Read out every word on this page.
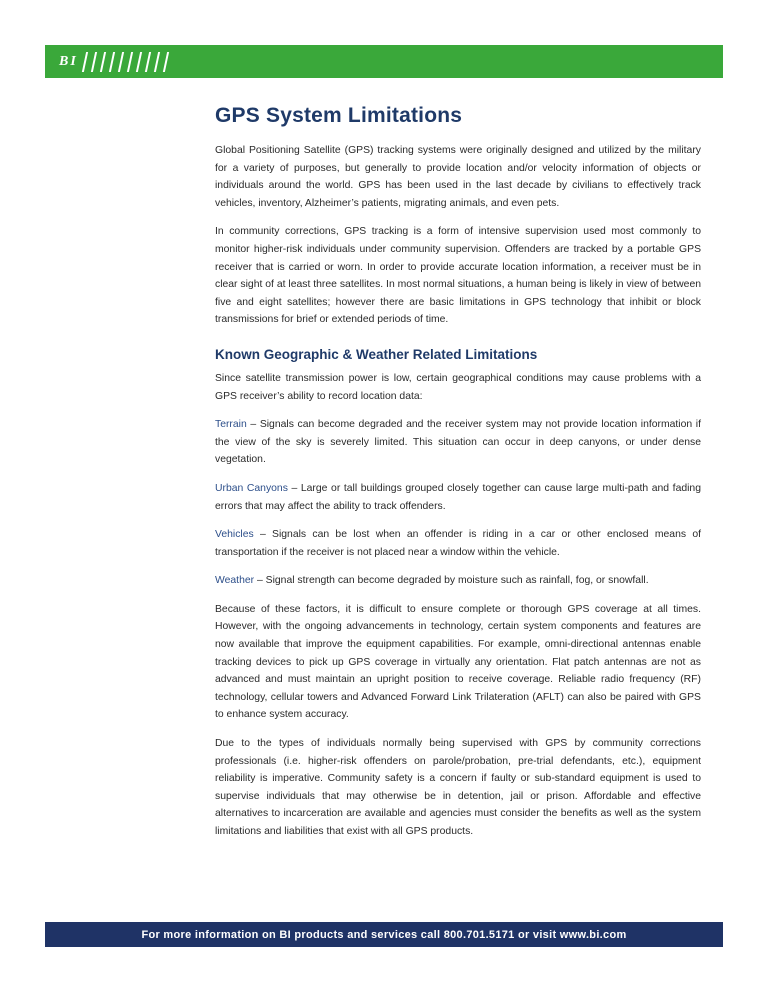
BI
GPS System Limitations

Global Positioning Satellite (GPS) tracking systems were originally designed and utilized by the military for a variety of purposes, but generally to provide location and/or velocity information of objects or individuals around the world. GPS has been used in the last decade by civilians to effectively track vehicles, inventory, Alzheimer’s patients, migrating animals, and even pets.

In community corrections, GPS tracking is a form of intensive supervision used most commonly to monitor higher-risk individuals under community supervision. Offenders are tracked by a portable GPS receiver that is carried or worn. In order to provide accurate location information, a receiver must be in clear sight of at least three satellites. In most normal situations, a human being is likely in view of between five and eight satellites; however there are basic limitations in GPS technology that inhibit or block transmissions for brief or extended periods of time.

Known Geographic & Weather Related Limitations

Since satellite transmission power is low, certain geographical conditions may cause problems with a GPS receiver’s ability to record location data:

Terrain – Signals can become degraded and the receiver system may not provide location information if the view of the sky is severely limited. This situation can occur in deep canyons, or under dense vegetation.

Urban Canyons – Large or tall buildings grouped closely together can cause large multi-path and fading errors that may affect the ability to track offenders.

Vehicles – Signals can be lost when an offender is riding in a car or other enclosed means of transportation if the receiver is not placed near a window within the vehicle.

Weather – Signal strength can become degraded by moisture such as rainfall, fog, or snowfall.

Because of these factors, it is difficult to ensure complete or thorough GPS coverage at all times. However, with the ongoing advancements in technology, certain system components and features are now available that improve the equipment capabilities. For example, omni-directional antennas enable tracking devices to pick up GPS coverage in virtually any orientation. Flat patch antennas are not as advanced and must maintain an upright position to receive coverage. Reliable radio frequency (RF) technology, cellular towers and Advanced Forward Link Trilateration (AFLT) can also be paired with GPS to enhance system accuracy.

Due to the types of individuals normally being supervised with GPS by community corrections professionals (i.e. higher-risk offenders on parole/probation, pre-trial defendants, etc.), equipment reliability is imperative. Community safety is a concern if faulty or sub-standard equipment is used to supervise individuals that may otherwise be in detention, jail or prison. Affordable and effective alternatives to incarceration are available and agencies must consider the benefits as well as the system limitations and liabilities that exist with all GPS products.

For more information on BI products and services call 800.701.5171 or visit www.bi.com
